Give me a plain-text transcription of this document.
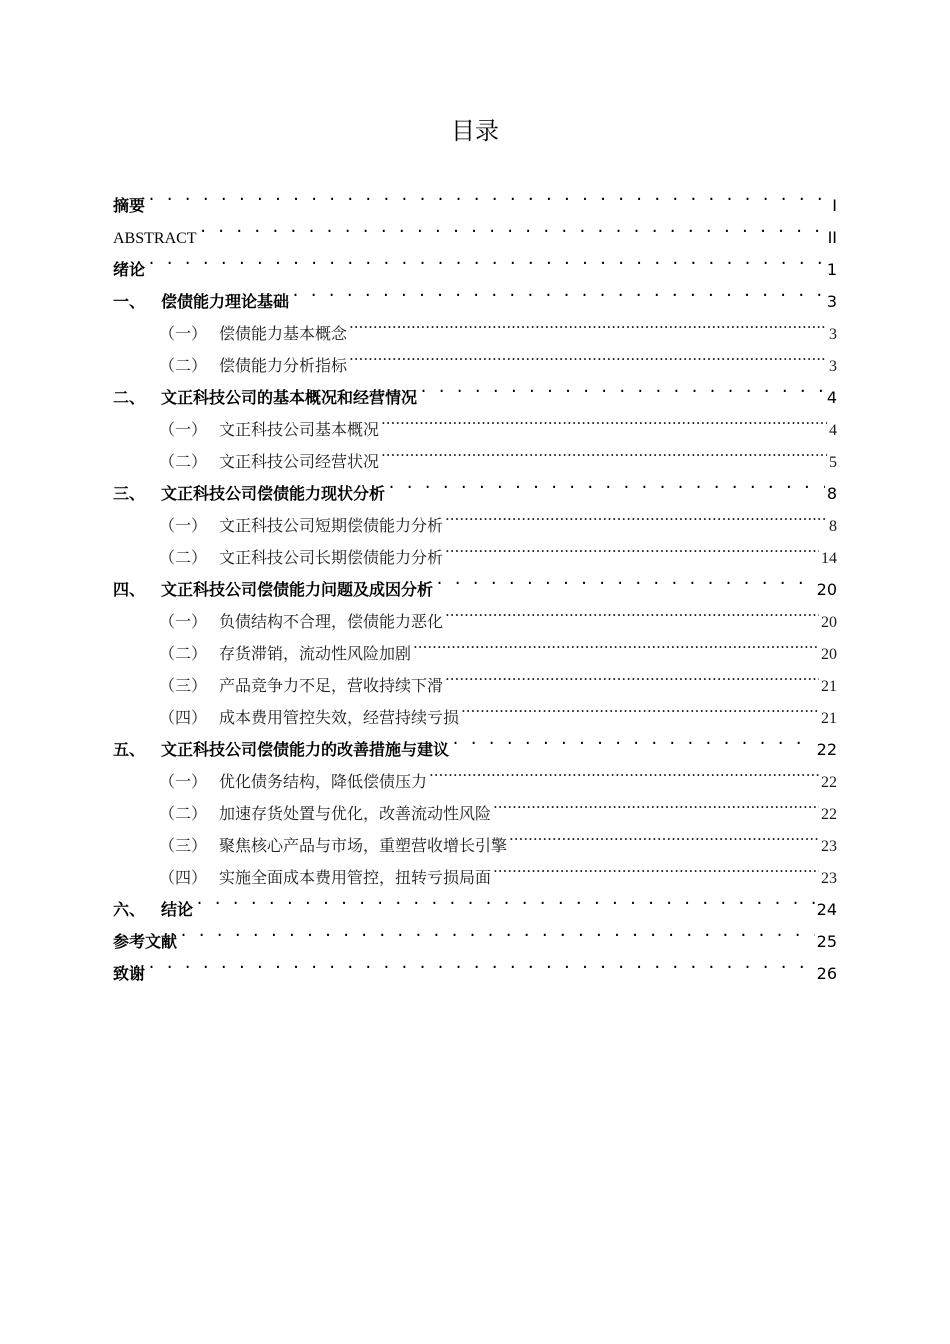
目录
摘要 . . .	I
ABSTRACT . . .	II
绪论 . . .	1
一、 偿债能力理论基础 . . .	3
（一） 偿债能力基本概念 .....	3
（二） 偿债能力分析指标 .....	3
二、 文正科技公司的基本概况和经营情况 . . .	4
（一） 文正科技公司基本概况 .....	4
（二） 文正科技公司经营状况 .....	5
三、 文正科技公司偿债能力现状分析 . . .	8
（一） 文正科技公司短期偿债能力分析 .....	8
（二） 文正科技公司长期偿债能力分析 .....	14
四、 文正科技公司偿债能力问题及成因分析 . . .	20
（一） 负债结构不合理，偿债能力恶化 .....	20
（二） 存货滞销，流动性风险加剧 .....	20
（三） 产品竞争力不足，营收持续下滑 .....	21
（四） 成本费用管控失效，经营持续亏损 .....	21
五、 文正科技公司偿债能力的改善措施与建议 . . .	22
（一） 优化债务结构，降低偿债压力 .....	22
（二） 加速存货处置与优化，改善流动性风险 .....	22
（三） 聚焦核心产品与市场，重塑营收增长引擎 .....	23
（四） 实施全面成本费用管控，扭转亏损局面 .....	23
六、 结论 . . .	24
参考文献 . . .	25
致谢 . . .	26
